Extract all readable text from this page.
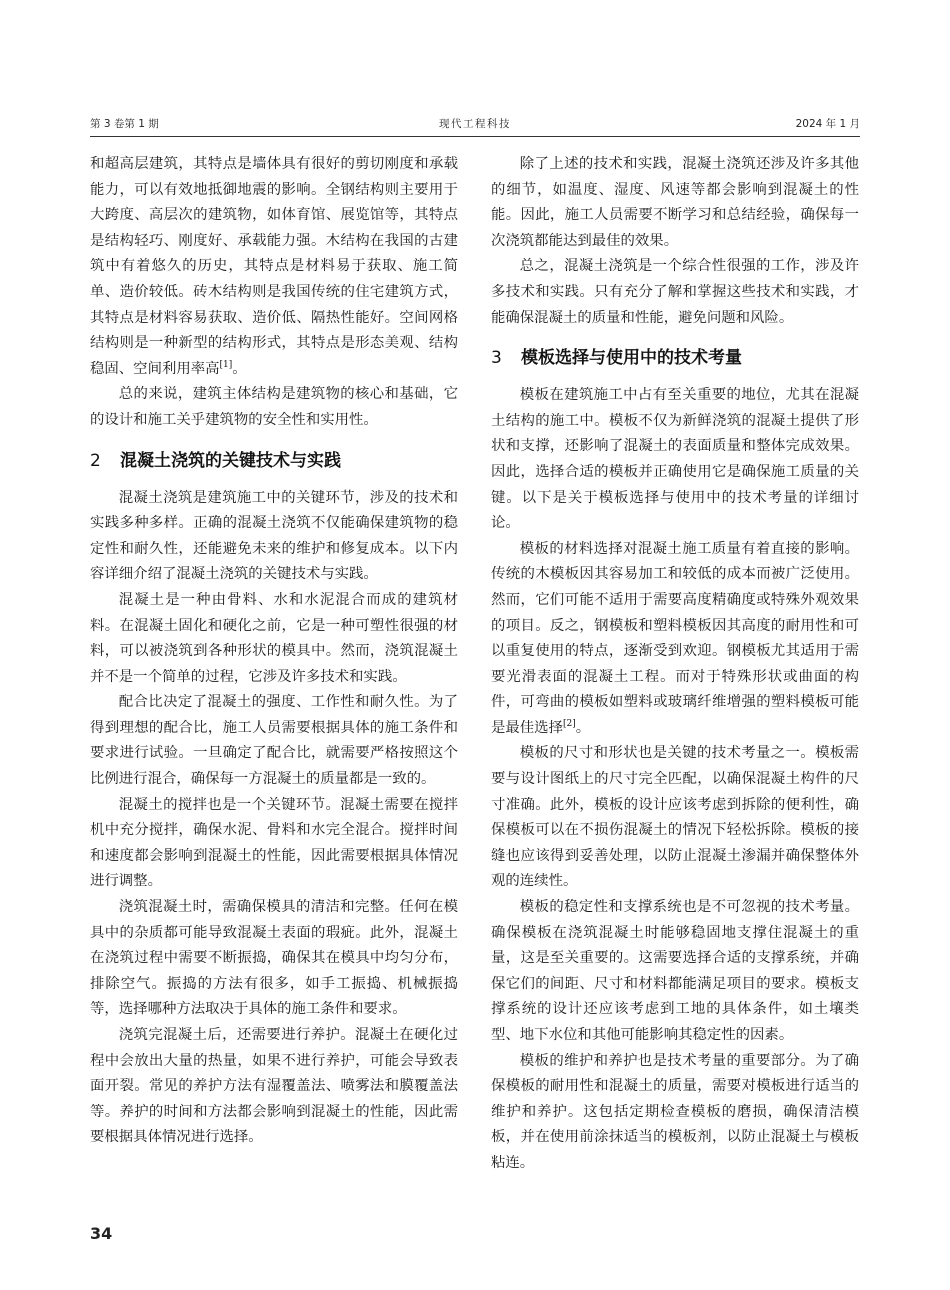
第 3 卷第 1 期	现代工程科技	2024 年 1 月

和超高层建筑，其特点是墙体具有很好的剪切刚度和承载能力，可以有效地抵御地震的影响。全钢结构则主要用于大跨度、高层次的建筑物，如体育馆、展览馆等，其特点是结构轻巧、刚度好、承载能力强。木结构在我国的古建筑中有着悠久的历史，其特点是材料易于获取、施工简单、造价较低。砖木结构则是我国传统的住宅建筑方式，其特点是材料容易获取、造价低、隔热性能好。空间网格结构则是一种新型的结构形式，其特点是形态美观、结构稳固、空间利用率高[1]。

总的来说，建筑主体结构是建筑物的核心和基础，它的设计和施工关乎建筑物的安全性和实用性。

2 混凝土浇筑的关键技术与实践

混凝土浇筑是建筑施工中的关键环节，涉及的技术和实践多种多样。正确的混凝土浇筑不仅能确保建筑物的稳定性和耐久性，还能避免未来的维护和修复成本。以下内容详细介绍了混凝土浇筑的关键技术与实践。

混凝土是一种由骨料、水和水泥混合而成的建筑材料。在混凝土固化和硬化之前，它是一种可塑性很强的材料，可以被浇筑到各种形状的模具中。然而，浇筑混凝土并不是一个简单的过程，它涉及许多技术和实践。

配合比决定了混凝土的强度、工作性和耐久性。为了得到理想的配合比，施工人员需要根据具体的施工条件和要求进行试验。一旦确定了配合比，就需要严格按照这个比例进行混合，确保每一方混凝土的质量都是一致的。

混凝土的搅拌也是一个关键环节。混凝土需要在搅拌机中充分搅拌，确保水泥、骨料和水完全混合。搅拌时间和速度都会影响到混凝土的性能，因此需要根据具体情况进行调整。

浇筑混凝土时，需确保模具的清洁和完整。任何在模具中的杂质都可能导致混凝土表面的瑕疵。此外，混凝土在浇筑过程中需要不断振捣，确保其在模具中均匀分布，排除空气。振捣的方法有很多，如手工振捣、机械振捣等，选择哪种方法取决于具体的施工条件和要求。

浇筑完混凝土后，还需要进行养护。混凝土在硬化过程中会放出大量的热量，如果不进行养护，可能会导致表面开裂。常见的养护方法有湿覆盖法、喷雾法和膜覆盖法等。养护的时间和方法都会影响到混凝土的性能，因此需要根据具体情况进行选择。

除了上述的技术和实践，混凝土浇筑还涉及许多其他的细节，如温度、湿度、风速等都会影响到混凝土的性能。因此，施工人员需要不断学习和总结经验，确保每一次浇筑都能达到最佳的效果。

总之，混凝土浇筑是一个综合性很强的工作，涉及许多技术和实践。只有充分了解和掌握这些技术和实践，才能确保混凝土的质量和性能，避免问题和风险。

3 模板选择与使用中的技术考量

模板在建筑施工中占有至关重要的地位，尤其在混凝土结构的施工中。模板不仅为新鲜浇筑的混凝土提供了形状和支撑，还影响了混凝土的表面质量和整体完成效果。因此，选择合适的模板并正确使用它是确保施工质量的关键。以下是关于模板选择与使用中的技术考量的详细讨论。

模板的材料选择对混凝土施工质量有着直接的影响。传统的木模板因其容易加工和较低的成本而被广泛使用。然而，它们可能不适用于需要高度精确度或特殊外观效果的项目。反之，钢模板和塑料模板因其高度的耐用性和可以重复使用的特点，逐渐受到欢迎。钢模板尤其适用于需要光滑表面的混凝土工程。而对于特殊形状或曲面的构件，可弯曲的模板如塑料或玻璃纤维增强的塑料模板可能是最佳选择[2]。

模板的尺寸和形状也是关键的技术考量之一。模板需要与设计图纸上的尺寸完全匹配，以确保混凝土构件的尺寸准确。此外，模板的设计应该考虑到拆除的便利性，确保模板可以在不损伤混凝土的情况下轻松拆除。模板的接缝也应该得到妥善处理，以防止混凝土渗漏并确保整体外观的连续性。

模板的稳定性和支撑系统也是不可忽视的技术考量。确保模板在浇筑混凝土时能够稳固地支撑住混凝土的重量，这是至关重要的。这需要选择合适的支撑系统，并确保它们的间距、尺寸和材料都能满足项目的要求。模板支撑系统的设计还应该考虑到工地的具体条件，如土壤类型、地下水位和其他可能影响其稳定性的因素。

模板的维护和养护也是技术考量的重要部分。为了确保模板的耐用性和混凝土的质量，需要对模板进行适当的维护和养护。这包括定期检查模板的磨损，确保清洁模板，并在使用前涂抹适当的模板剂，以防止混凝土与模板粘连。

34
